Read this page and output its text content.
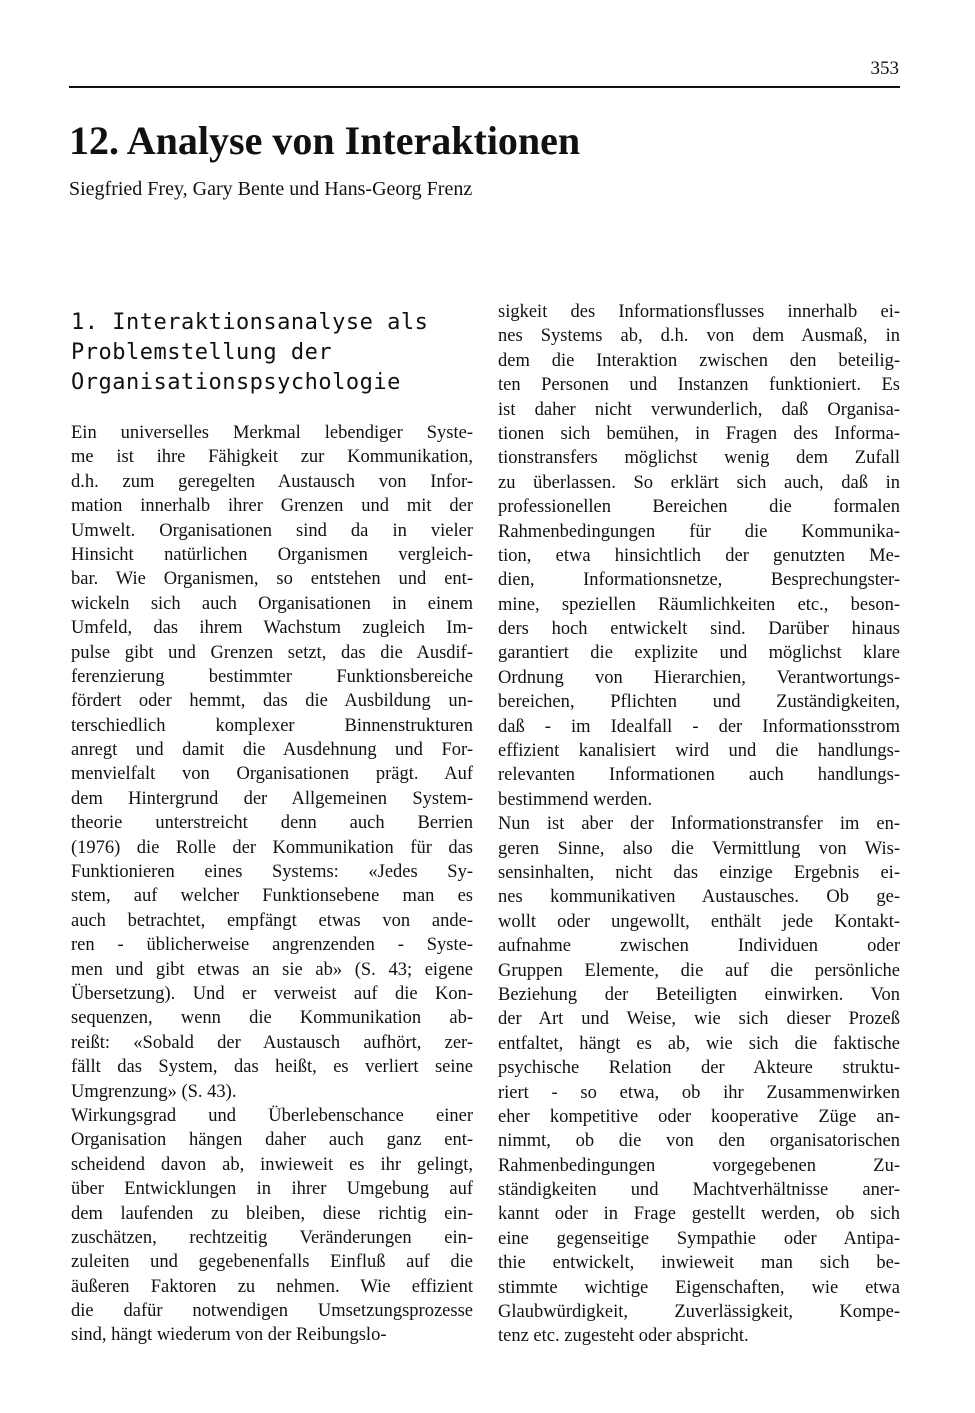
353
12. Analyse von Interaktionen
Siegfried Frey, Gary Bente und Hans-Georg Frenz
1. Interaktionsanalyse als
Problemstellung der
Organisationspsychologie
Ein universelles Merkmal lebendiger Syste-
me ist ihre Fähigkeit zur Kommunikation,
d.h. zum geregelten Austausch von Infor-
mation innerhalb ihrer Grenzen und mit der
Umwelt. Organisationen sind da in vieler
Hinsicht natürlichen Organismen vergleich-
bar. Wie Organismen, so entstehen und ent-
wickeln sich auch Organisationen in einem
Umfeld, das ihrem Wachstum zugleich Im-
pulse gibt und Grenzen setzt, das die Ausdif-
ferenzierung bestimmter Funktionsbereiche
fördert oder hemmt, das die Ausbildung un-
terschiedlich komplexer Binnenstrukturen
anregt und damit die Ausdehnung und For-
menvielfalt von Organisationen prägt. Auf
dem Hintergrund der Allgemeinen System-
theorie unterstreicht denn auch Berrien
(1976) die Rolle der Kommunikation für das
Funktionieren eines Systems: «Jedes Sy-
stem, auf welcher Funktionsebene man es
auch betrachtet, empfängt etwas von ande-
ren - üblicherweise angrenzenden - Syste-
men und gibt etwas an sie ab» (S. 43; eigene
Übersetzung). Und er verweist auf die Kon-
sequenzen, wenn die Kommunikation ab-
reißt: «Sobald der Austausch aufhört, zer-
fällt das System, das heißt, es verliert seine
Umgrenzung» (S. 43).
Wirkungsgrad und Überlebenschance einer
Organisation hängen daher auch ganz ent-
scheidend davon ab, inwieweit es ihr gelingt,
über Entwicklungen in ihrer Umgebung auf
dem laufenden zu bleiben, diese richtig ein-
zuschätzen, rechtzeitig Veränderungen ein-
zuleiten und gegebenenfalls Einfluß auf die
äußeren Faktoren zu nehmen. Wie effizient
die dafür notwendigen Umsetzungsprozesse
sind, hängt wiederum von der Reibungslo-
sigkeit des Informationsflusses innerhalb ei-
nes Systems ab, d.h. von dem Ausmaß, in
dem die Interaktion zwischen den beteilig-
ten Personen und Instanzen funktioniert. Es
ist daher nicht verwunderlich, daß Organisa-
tionen sich bemühen, in Fragen des Informa-
tionstransfers möglichst wenig dem Zufall
zu überlassen. So erklärt sich auch, daß in
professionellen Bereichen die formalen
Rahmenbedingungen für die Kommunika-
tion, etwa hinsichtlich der genutzten Me-
dien, Informationsnetze, Besprechungster-
mine, speziellen Räumlichkeiten etc., beson-
ders hoch entwickelt sind. Darüber hinaus
garantiert die explizite und möglichst klare
Ordnung von Hierarchien, Verantwortungs-
bereichen, Pflichten und Zuständigkeiten,
daß - im Idealfall - der Informationsstrom
effizient kanalisiert wird und die handlungs-
relevanten Informationen auch handlungs-
bestimmend werden.
Nun ist aber der Informationstransfer im en-
geren Sinne, also die Vermittlung von Wis-
sensinhalten, nicht das einzige Ergebnis ei-
nes kommunikativen Austausches. Ob ge-
wollt oder ungewollt, enthält jede Kontakt-
aufnahme zwischen Individuen oder
Gruppen Elemente, die auf die persönliche
Beziehung der Beteiligten einwirken. Von
der Art und Weise, wie sich dieser Prozeß
entfaltet, hängt es ab, wie sich die faktische
psychische Relation der Akteure struktu-
riert - so etwa, ob ihr Zusammenwirken
eher kompetitive oder kooperative Züge an-
nimmt, ob die von den organisatorischen
Rahmenbedingungen vorgegebenen Zu-
ständigkeiten und Machtverhältnisse aner-
kannt oder in Frage gestellt werden, ob sich
eine gegenseitige Sympathie oder Antipa-
thie entwickelt, inwieweit man sich be-
stimmte wichtige Eigenschaften, wie etwa
Glaubwürdigkeit, Zuverlässigkeit, Kompe-
tenz etc. zugesteht oder abspricht.
